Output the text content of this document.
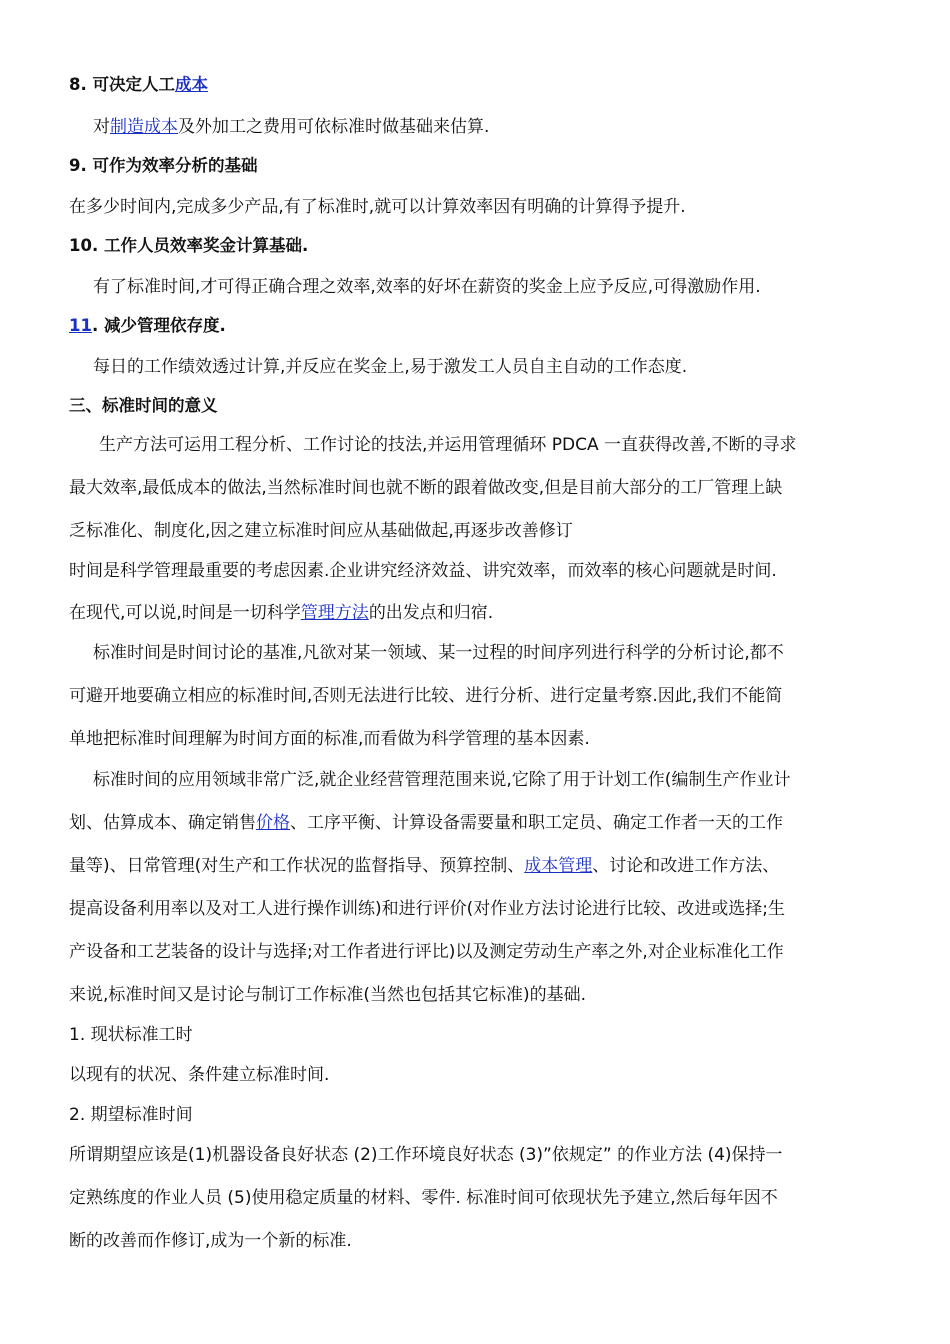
8. 可决定人工成本
对制造成本及外加工之费用可依标准时做基础来估算.
9. 可作为效率分析的基础
在多少时间内,完成多少产品,有了标准时,就可以计算效率因有明确的计算得予提升.
10. 工作人员效率奖金计算基础.
有了标准时间,才可得正确合理之效率,效率的好坏在薪资的奖金上应予反应,可得激励作用.
11. 减少管理依存度.
每日的工作绩效透过计算,并反应在奖金上,易于激发工人员自主自动的工作态度.
三、标准时间的意义
生产方法可运用工程分析、工作讨论的技法,并运用管理循环 PDCA 一直获得改善,不断的寻求
最大效率,最低成本的做法,当然标准时间也就不断的跟着做改变,但是目前大部分的工厂管理上缺
乏标准化、制度化,因之建立标准时间应从基础做起,再逐步改善修订
时间是科学管理最重要的考虑因素.企业讲究经济效益、讲究效率，而效率的核心问题就是时间.
在现代,可以说,时间是一切科学管理方法的出发点和归宿.
标准时间是时间讨论的基准,凡欲对某一领域、某一过程的时间序列进行科学的分析讨论,都不
可避开地要确立相应的标准时间,否则无法进行比较、进行分析、进行定量考察.因此,我们不能简
单地把标准时间理解为时间方面的标准,而看做为科学管理的基本因素.
标准时间的应用领域非常广泛,就企业经营管理范围来说,它除了用于计划工作(编制生产作业计
划、估算成本、确定销售价格、工序平衡、计算设备需要量和职工定员、确定工作者一天的工作
量等)、日常管理(对生产和工作状况的监督指导、预算控制、成本管理、讨论和改进工作方法、
提高设备利用率以及对工人进行操作训练)和进行评价(对作业方法讨论进行比较、改进或选择;生
产设备和工艺装备的设计与选择;对工作者进行评比)以及测定劳动生产率之外,对企业标准化工作
来说,标准时间又是讨论与制订工作标准(当然也包括其它标准)的基础.
1. 现状标准工时
以现有的状况、条件建立标准时间.
2. 期望标准时间
所谓期望应该是(1)机器设备良好状态 (2)工作环境良好状态 (3)”依规定” 的作业方法 (4)保持一
定熟练度的作业人员 (5)使用稳定质量的材料、零件. 标准时间可依现状先予建立,然后每年因不
断的改善而作修订,成为一个新的标准.
